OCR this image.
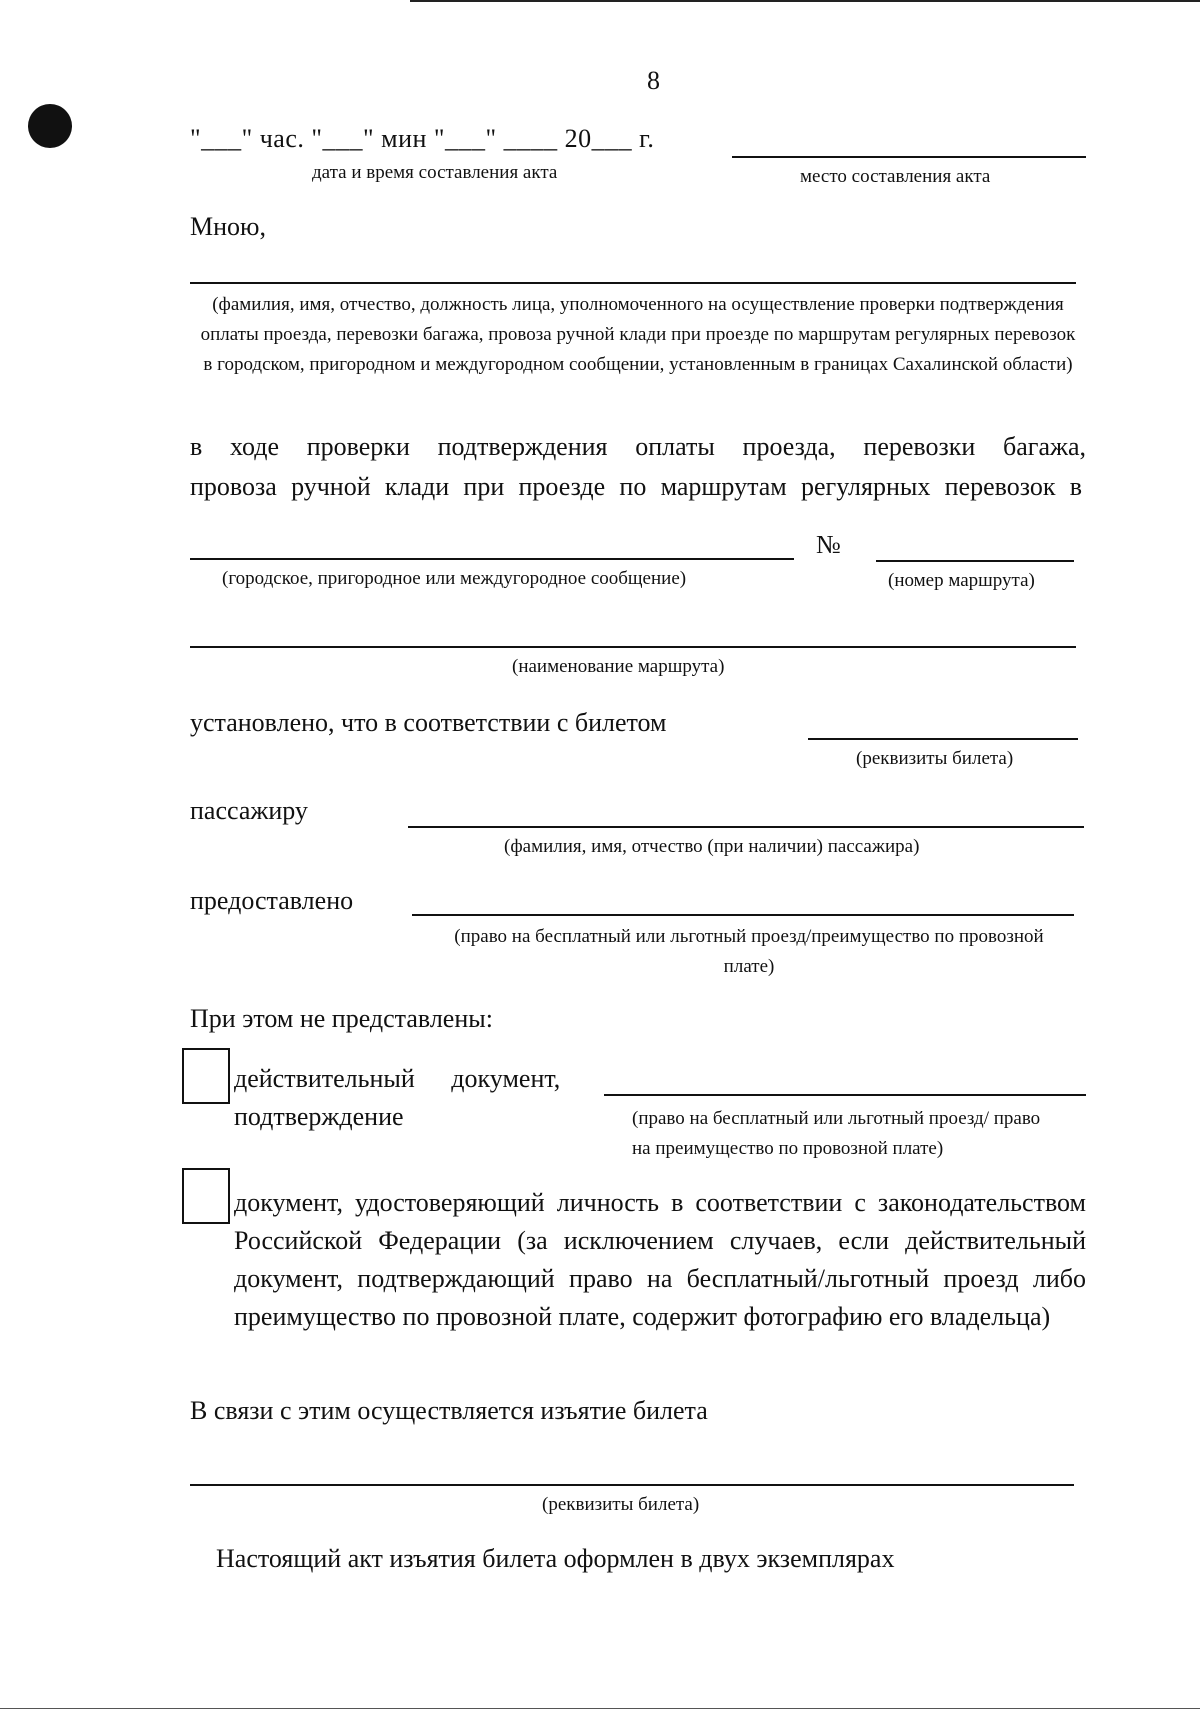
8
"___" час. "___" мин "___" ____ 20___ г.
дата и время составления акта	место составления акта
Мною,
(фамилия, имя, отчество, должность лица, уполномоченного на осуществление проверки подтверждения оплаты проезда, перевозки багажа, провоза ручной клади при проезде по маршрутам регулярных перевозок в городском, пригородном и междугородном сообщении, установленным в границах Сахалинской области)
в ходе проверки подтверждения оплаты проезда, перевозки багажа,
провоза ручной клади при проезде по маршрутам регулярных перевозок в
№
(городское, пригородное или междугородное сообщение)	(номер маршрута)
(наименование маршрута)
установлено, что в соответствии с билетом
(реквизиты билета)
пассажиру
(фамилия, имя, отчество (при наличии) пассажира)
предоставлено
(право на бесплатный или льготный проезд/преимущество по провозной плате)
При этом не представлены:
действительный документ,
подтверждение	(право на бесплатный или льготный проезд/ право на преимущество по провозной плате)
документ, удостоверяющий личность в соответствии с законодательством Российской Федерации (за исключением случаев, если действительный документ, подтверждающий право на бесплатный/льготный проезд либо преимущество по провозной плате, содержит фотографию его владельца)
В связи с этим осуществляется изъятие билета
(реквизиты билета)
Настоящий акт изъятия билета оформлен в двух экземплярах
